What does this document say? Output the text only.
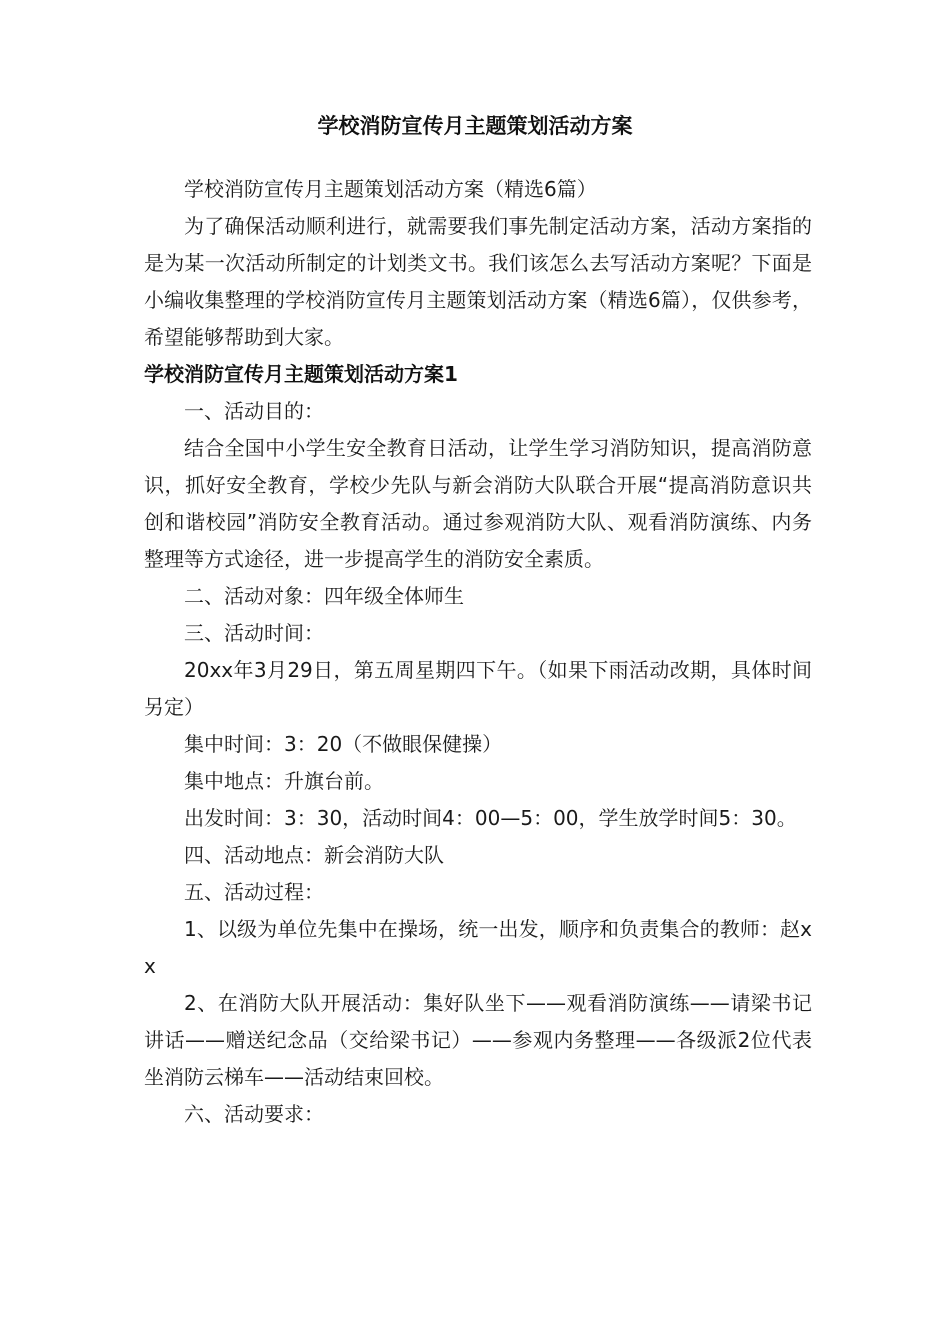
学校消防宣传月主题策划活动方案

学校消防宣传月主题策划活动方案（精选6篇）

为了确保活动顺利进行，就需要我们事先制定活动方案，活动方案指的是为某一次活动所制定的计划类文书。我们该怎么去写活动方案呢？下面是小编收集整理的学校消防宣传月主题策划活动方案（精选6篇），仅供参考，希望能够帮助到大家。

学校消防宣传月主题策划活动方案1

一、活动目的：

结合全国中小学生安全教育日活动，让学生学习消防知识，提高消防意识，抓好安全教育，学校少先队与新会消防大队联合开展“提高消防意识共创和谐校园”消防安全教育活动。通过参观消防大队、观看消防演练、内务整理等方式途径，进一步提高学生的消防安全素质。

二、活动对象：四年级全体师生

三、活动时间：

20xx年3月29日，第五周星期四下午。（如果下雨活动改期，具体时间另定）

集中时间：3：20（不做眼保健操）

集中地点：升旗台前。

出发时间：3：30，活动时间4：00—5：00，学生放学时间5：30。

四、活动地点：新会消防大队

五、活动过程：

1、以级为单位先集中在操场，统一出发，顺序和负责集合的教师：赵xx

2、在消防大队开展活动：集好队坐下——观看消防演练——请梁书记讲话——赠送纪念品（交给梁书记）——参观内务整理——各级派2位代表坐消防云梯车——活动结束回校。

六、活动要求：
